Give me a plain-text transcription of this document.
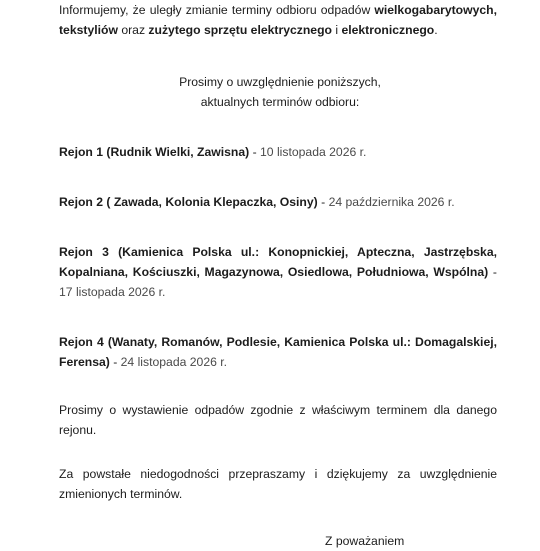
Informujemy, że uległy zmianie terminy odbioru odpadów wielkogabarytowych, tekstyliów oraz zużytego sprzętu elektrycznego i elektronicznego.

Prosimy o uwzględnienie poniższych,
aktualnych terminów odbioru:

Rejon 1 (Rudnik Wielki, Zawisna) - 10 listopada 2026 r.

Rejon 2 ( Zawada, Kolonia Klepaczka, Osiny) - 24 października 2026 r.

Rejon 3 (Kamienica Polska ul.: Konopnickiej, Apteczna, Jastrzębska, Kopalniana, Kościuszki, Magazynowa, Osiedlowa, Południowa, Wspólna) - 17 listopada 2026 r.

Rejon 4 (Wanaty, Romanów, Podlesie, Kamienica Polska ul.: Domagalskiej, Ferensa) - 24 listopada 2026 r.

Prosimy o wystawienie odpadów zgodnie z właściwym terminem dla danego rejonu.

Za powstałe niedogodności przepraszamy i dziękujemy za uwzględnienie zmienionych terminów.

Z poważaniem
